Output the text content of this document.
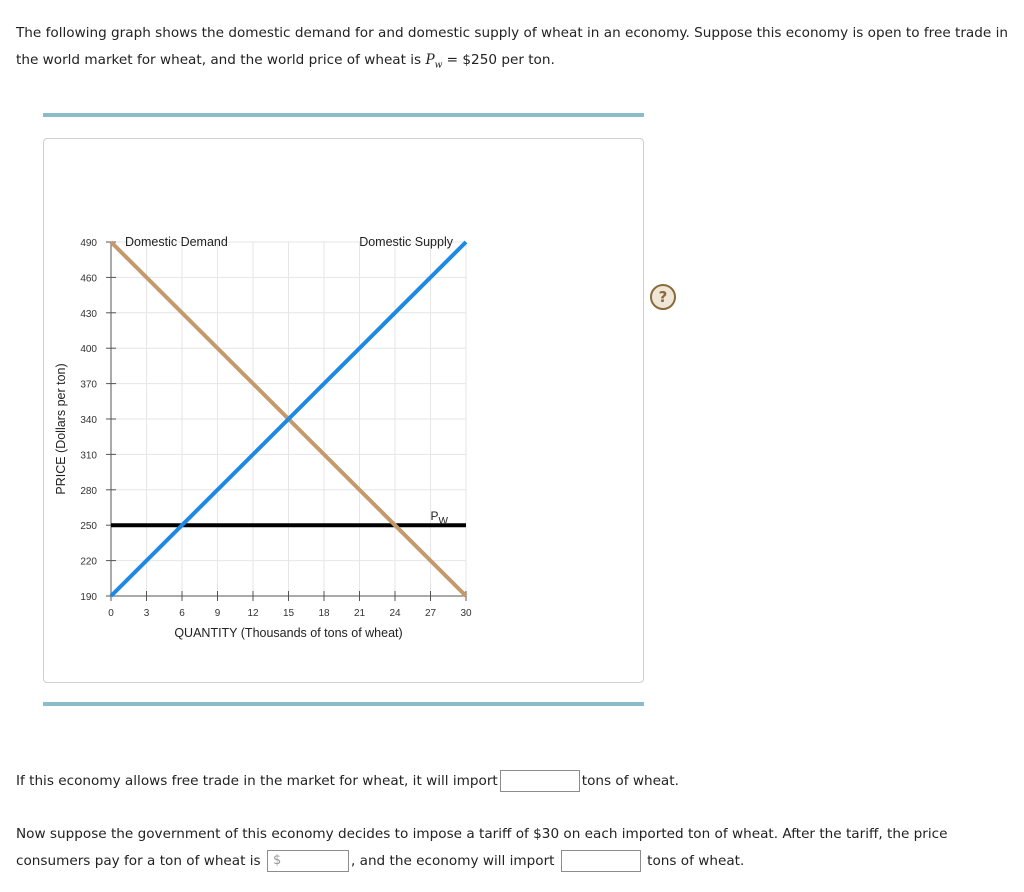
The following graph shows the domestic demand for and domestic supply of wheat in an economy. Suppose this economy is open to free trade in the world market for wheat, and the world price of wheat is $P_w$ = $250 per ton.
?
0	3	6	9	12 15 18 21 24 27 30
190
220
250
280
310
340
370
400
430
460
490 Domestic Demand	Domestic Supply
$P_W$
QUANTITY (Thousands of tons of wheat)
PRICE (Dollars per ton)
If this economy allows free trade in the market for wheat, it will import	tons of wheat.
Now suppose the government of this economy decides to impose a tariff of $30 on each imported ton of wheat. After the tariff, the price consumers pay for a ton of wheat is $	, and the economy will import	tons of wheat.
